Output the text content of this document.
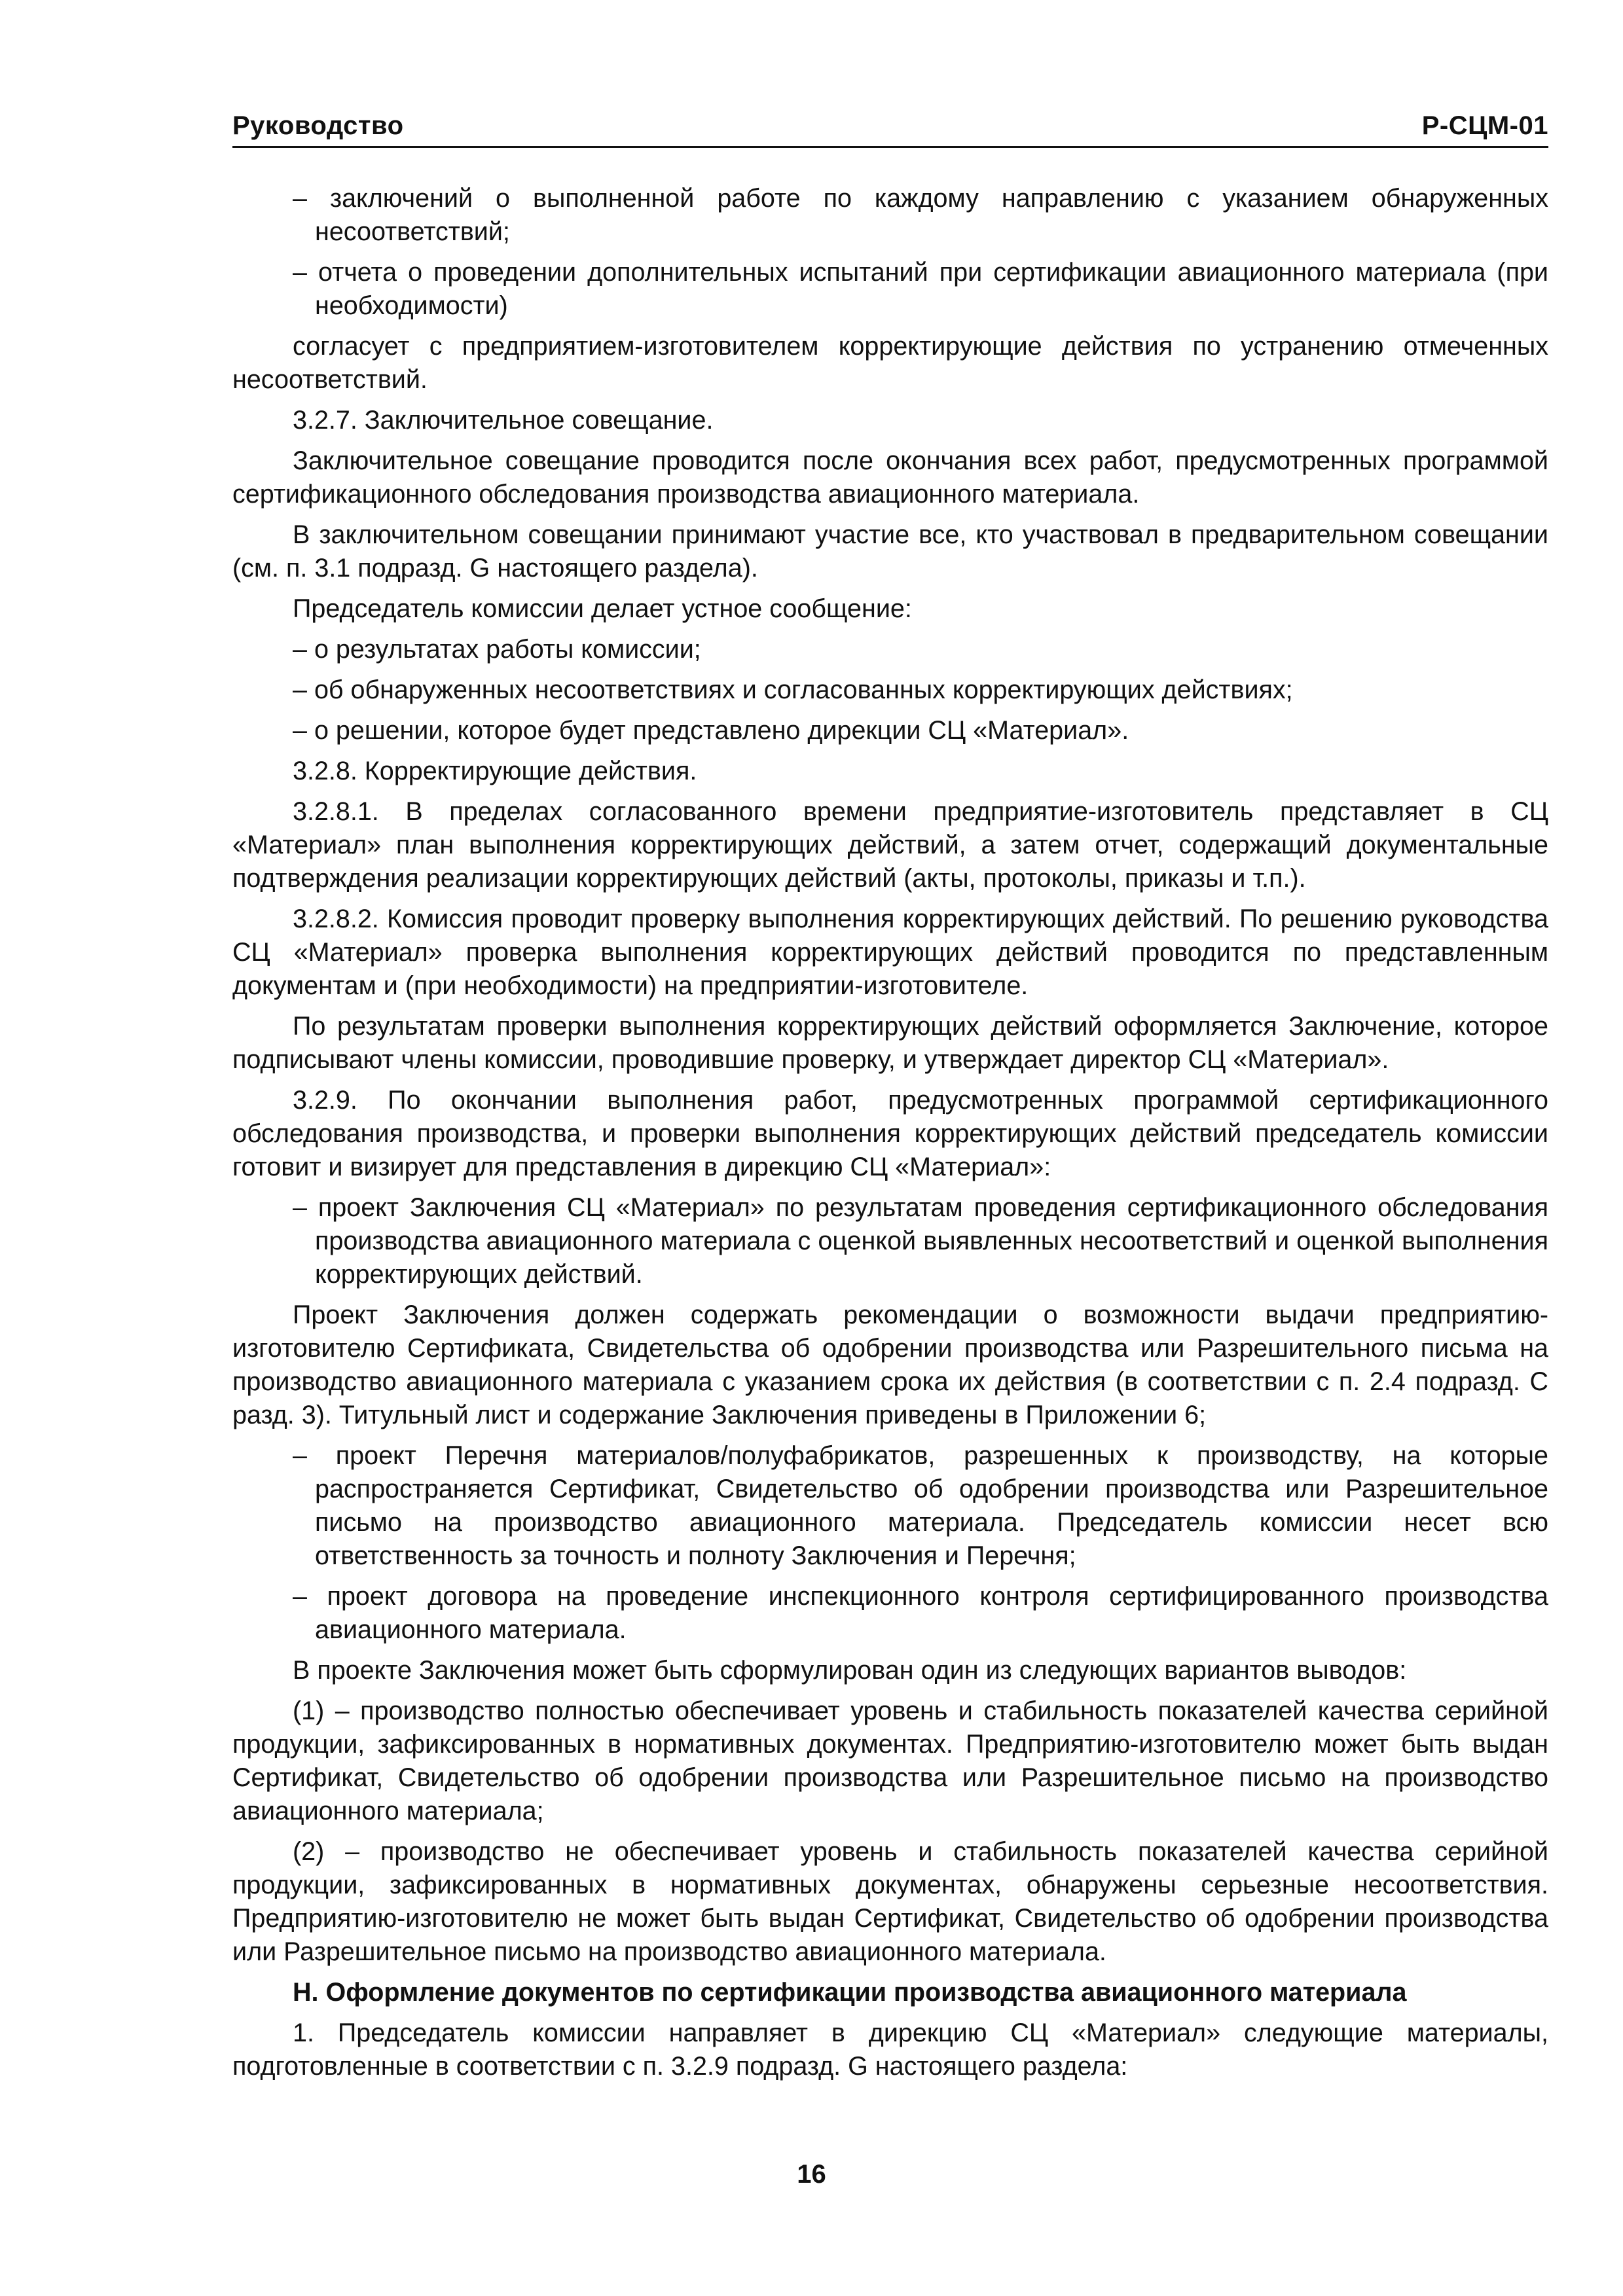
Руководство	Р-СЦМ-01

– заключений о выполненной работе по каждому направлению с указанием обнаруженных несоответствий;

– отчета о проведении дополнительных испытаний при сертификации авиационного материала (при необходимости)

согласует с предприятием-изготовителем корректирующие действия по устранению отмеченных несоответствий.

3.2.7. Заключительное совещание.

Заключительное совещание проводится после окончания всех работ, предусмотренных программой сертификационного обследования производства авиационного материала.

В заключительном совещании принимают участие все, кто участвовал в предварительном совещании (см. п. 3.1 подразд. G настоящего раздела).

Председатель комиссии делает устное сообщение:

– о результатах работы комиссии;

– об обнаруженных несоответствиях и согласованных корректирующих действиях;

– о решении, которое будет представлено дирекции СЦ «Материал».

3.2.8. Корректирующие действия.

3.2.8.1. В пределах согласованного времени предприятие-изготовитель представляет в СЦ «Материал» план выполнения корректирующих действий, а затем отчет, содержащий документальные подтверждения реализации корректирующих действий (акты, протоколы, приказы и т.п.).

3.2.8.2. Комиссия проводит проверку выполнения корректирующих действий. По решению руководства СЦ «Материал» проверка выполнения корректирующих действий проводится по представленным документам и (при необходимости) на предприятии-изготовителе.

По результатам проверки выполнения корректирующих действий оформляется Заключение, которое подписывают члены комиссии, проводившие проверку, и утверждает директор СЦ «Материал».

3.2.9. По окончании выполнения работ, предусмотренных программой сертификационного обследования производства, и проверки выполнения корректирующих действий председатель комиссии готовит и визирует для представления в дирекцию СЦ «Материал»:

– проект Заключения СЦ «Материал» по результатам проведения сертификационного обследования производства авиационного материала с оценкой выявленных несоответствий и оценкой выполнения корректирующих действий.

Проект Заключения должен содержать рекомендации о возможности выдачи предприятию-изготовителю Сертификата, Свидетельства об одобрении производства или Разрешительного письма на производство авиационного материала с указанием срока их действия (в соответствии с п. 2.4 подразд. С разд. 3). Титульный лист и содержание Заключения приведены в Приложении 6;

– проект Перечня материалов/полуфабрикатов, разрешенных к производству, на которые распространяется Сертификат, Свидетельство об одобрении производства или Разрешительное письмо на производство авиационного материала. Председатель комиссии несет всю ответственность за точность и полноту Заключения и Перечня;

– проект договора на проведение инспекционного контроля сертифицированного производства авиационного материала.

В проекте Заключения может быть сформулирован один из следующих вариантов выводов:

(1) – производство полностью обеспечивает уровень и стабильность показателей качества серийной продукции, зафиксированных в нормативных документах. Предприятию-изготовителю может быть выдан Сертификат, Свидетельство об одобрении производства или Разрешительное письмо на производство авиационного материала;

(2) – производство не обеспечивает уровень и стабильность показателей качества серийной продукции, зафиксированных в нормативных документах, обнаружены серьезные несоответствия. Предприятию-изготовителю не может быть выдан Сертификат, Свидетельство об одобрении производства или Разрешительное письмо на производство авиационного материала.

Н. Оформление документов по сертификации производства авиационного материала

1. Председатель комиссии направляет в дирекцию СЦ «Материал» следующие материалы, подготовленные в соответствии с п. 3.2.9 подразд. G настоящего раздела:

16
